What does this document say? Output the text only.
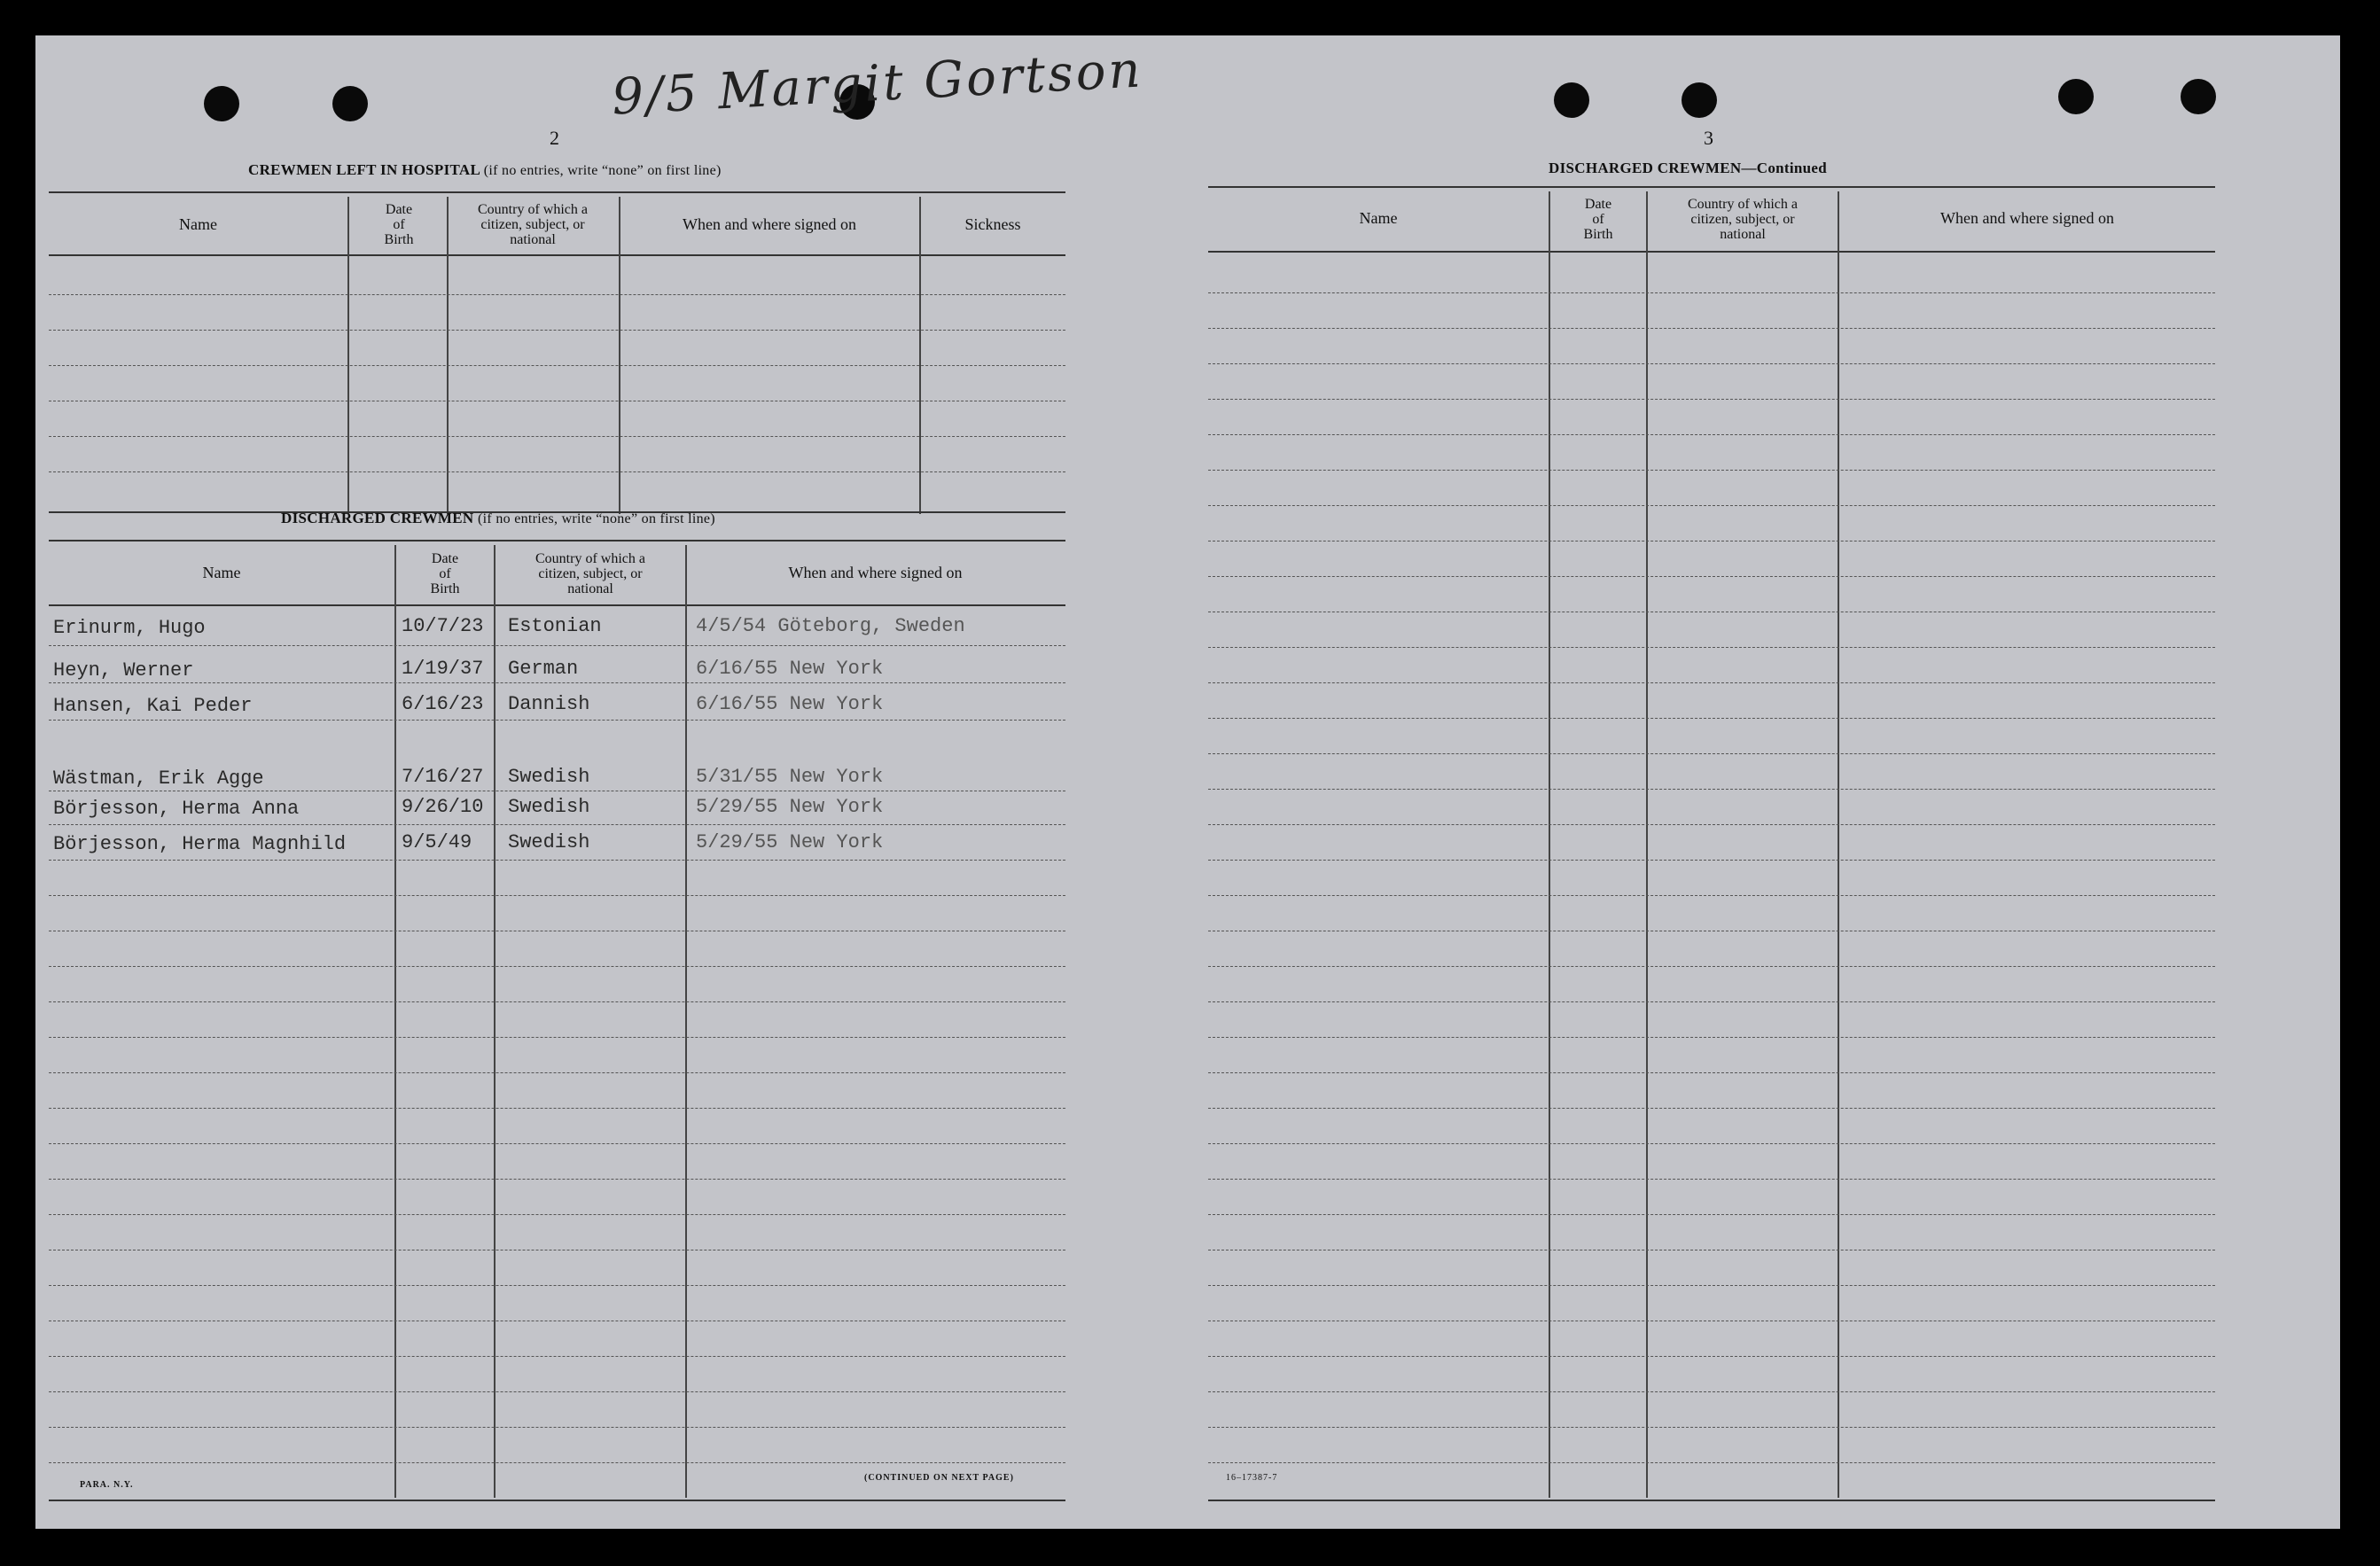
9/5 Margit Gortson
2
CREWMEN LEFT IN HOSPITAL (if no entries, write “none” on first line)
Name
Date
of
Birth
Country of which a
citizen, subject, or
national
When and where signed on	Sickness
DISCHARGED CREWMEN (if no entries, write “none” on first line)
Name
Date
of
Birth
Country of which a
citizen, subject, or
national
When and where signed on
Erinurm, Hugo	10/7/23 Estonian	4/5/54 Göteborg, Sweden
Heyn, Werner	1/19/37 German	6/16/55 New York
Hansen, Kai Peder	6/16/23 Dannish	6/16/55 New York
Wästman, Erik Agge	7/16/27 Swedish	5/31/55 New York
Börjesson, Herma Anna	9/26/10 Swedish	5/29/55 New York
Börjesson, Herma Magnhild	9/5/49 Swedish	5/29/55 New York
PARA. N.Y.
(CONTINUED ON NEXT PAGE)
3
DISCHARGED CREWMEN—Continued
Name
Date
of
Birth
Country of which a
citizen, subject, or
national
When and where signed on
16–17387-7
